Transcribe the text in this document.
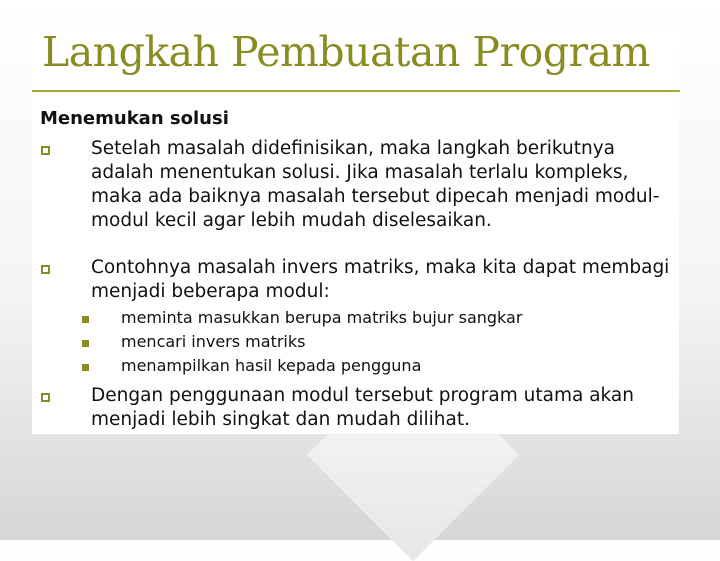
Langkah Pembuatan Program
Menemukan solusi
Setelah masalah didefinisikan, maka langkah berikutnya adalah menentukan solusi. Jika masalah terlalu kompleks, maka ada baiknya masalah tersebut dipecah menjadi modul-modul kecil agar lebih mudah diselesaikan.
Contohnya masalah invers matriks, maka kita dapat membagi menjadi beberapa modul:
meminta masukkan berupa matriks bujur sangkar
mencari invers matriks
menampilkan hasil kepada pengguna
Dengan penggunaan modul tersebut program utama akan menjadi lebih singkat dan mudah dilihat.
